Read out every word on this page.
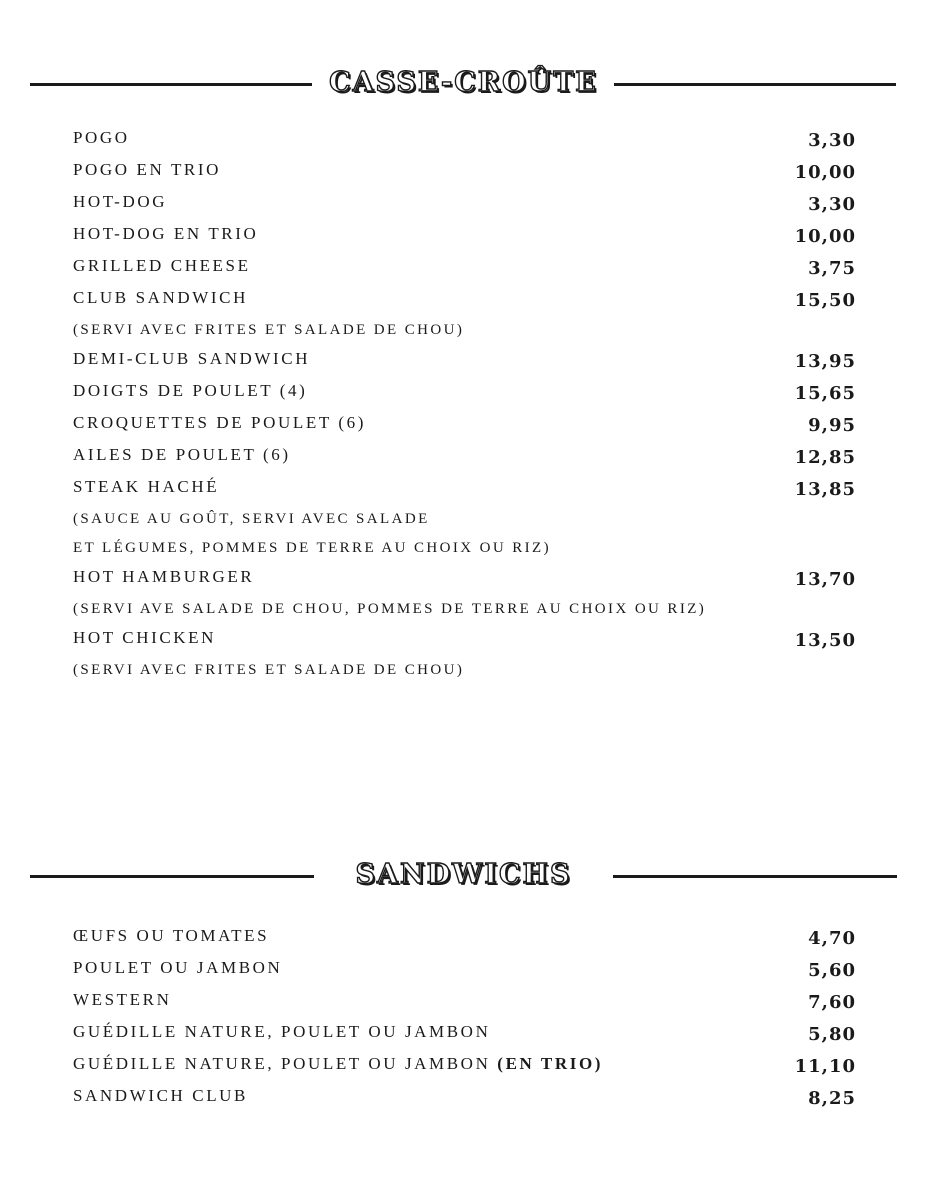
CASSE-CROÛTE
POGO	3,30
POGO EN TRIO	10,00
HOT-DOG	3,30
HOT-DOG EN TRIO	10,00
GRILLED CHEESE	3,75
CLUB SANDWICH	15,50
(SERVI AVEC FRITES ET SALADE DE CHOU)
DEMI-CLUB SANDWICH	13,95
DOIGTS DE POULET (4)	15,65
CROQUETTES DE POULET (6)	9,95
AILES DE POULET (6)	12,85
STEAK HACHÉ	13,85
(SAUCE AU GOÛT, SERVI AVEC SALADE
ET LÉGUMES, POMMES DE TERRE AU CHOIX OU RIZ)
HOT HAMBURGER	13,70
(SERVI AVE SALADE DE CHOU, POMMES DE TERRE AU CHOIX OU RIZ)
HOT CHICKEN	13,50
(SERVI AVEC FRITES ET SALADE DE CHOU)
SANDWICHS
ŒUFS OU TOMATES	4,70
POULET OU JAMBON	5,60
WESTERN	7,60
GUÉDILLE NATURE, POULET OU JAMBON	5,80
GUÉDILLE NATURE, POULET OU JAMBON (EN TRIO)	11,10
SANDWICH CLUB	8,25
